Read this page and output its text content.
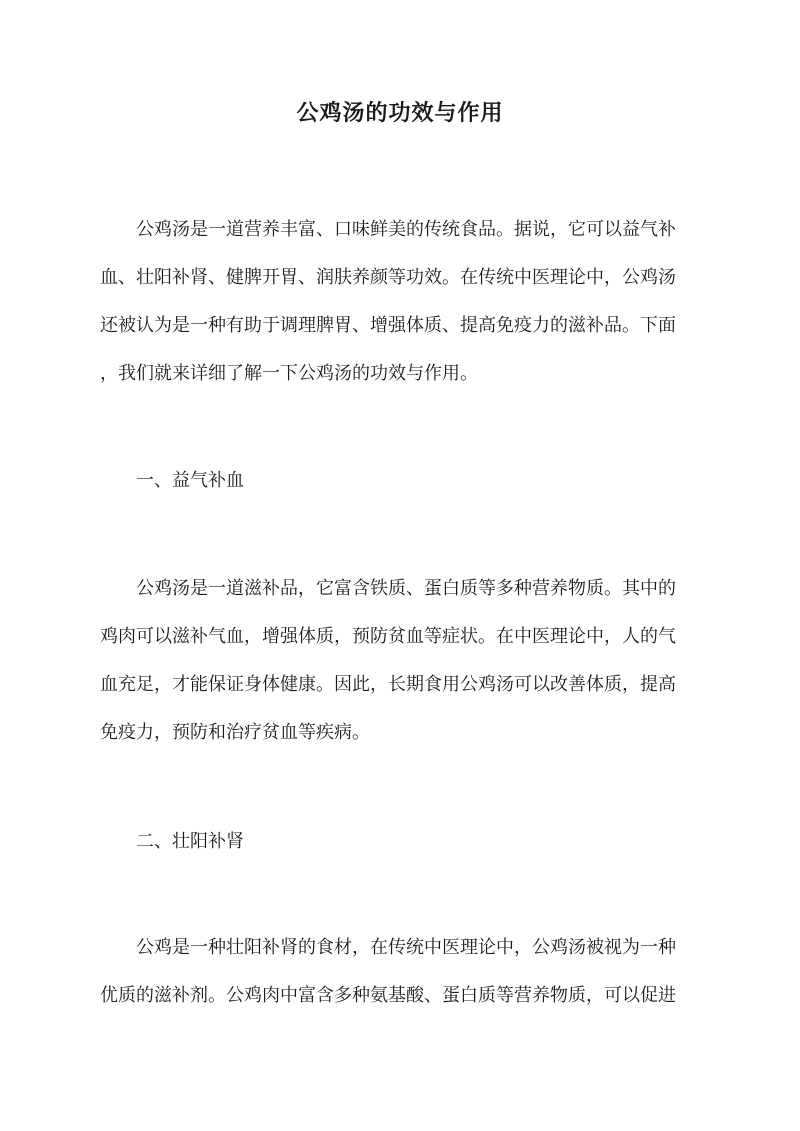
公鸡汤的功效与作用
　　公鸡汤是一道营养丰富、口味鲜美的传统食品。据说，它可以益气补
血、壮阳补肾、健脾开胃、润肤养颜等功效。在传统中医理论中，公鸡汤
还被认为是一种有助于调理脾胃、增强体质、提高免疫力的滋补品。下面
，我们就来详细了解一下公鸡汤的功效与作用。

一、益气补血

　　公鸡汤是一道滋补品，它富含铁质、蛋白质等多种营养物质。其中的
鸡肉可以滋补气血，增强体质，预防贫血等症状。在中医理论中，人的气
血充足，才能保证身体健康。因此，长期食用公鸡汤可以改善体质，提高
免疫力，预防和治疗贫血等疾病。

二、壮阳补肾

　　公鸡是一种壮阳补肾的食材，在传统中医理论中，公鸡汤被视为一种
优质的滋补剂。公鸡肉中富含多种氨基酸、蛋白质等营养物质，可以促进
